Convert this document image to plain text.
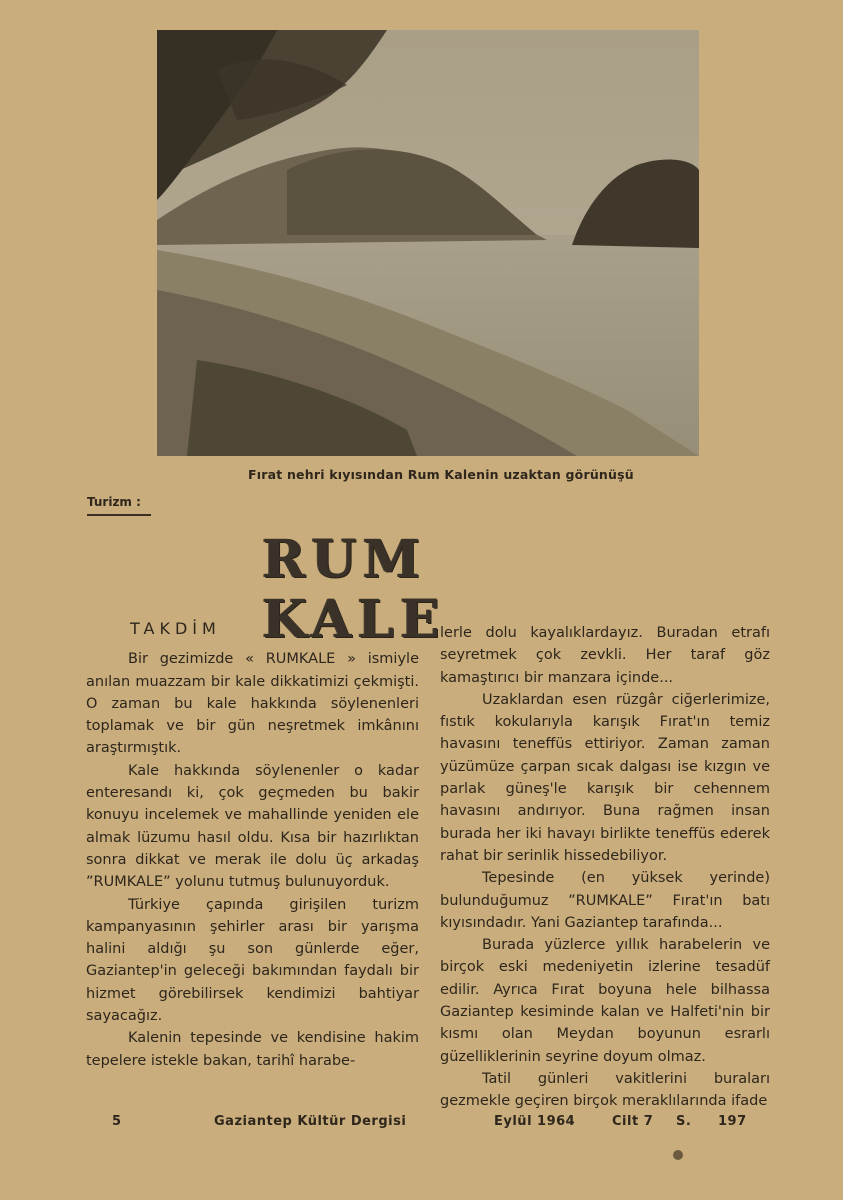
Fırat nehri kıyısından Rum Kalenin uzaktan görünüşü
Turizm :
RUM KALE
TAKDİM

Bir gezimizde « RUMKALE » ismiyle anılan muazzam bir kale dikkatimizi çekmişti. O zaman bu kale hakkında söylenenleri toplamak ve bir gün neşretmek imkânını araştırmıştık.

Kale hakkında söylenenler o kadar enteresandı ki, çok geçmeden bu bakir konuyu incelemek ve mahallinde yeniden ele almak lüzumu hasıl oldu. Kısa bir hazırlıktan sonra dikkat ve merak ile dolu üç arkadaş ”RUMKALE” yolunu tutmuş bulunuyorduk.

Türkiye çapında girişilen turizm kampanyasının şehirler arası bir yarışma halini aldığı şu son günlerde eğer, Gaziantep'in geleceği bakımından faydalı bir hizmet görebilirsek kendimizi bahtiyar sayacağız.

Kalenin tepesinde ve kendisine hakim tepelere istekle bakan, tarihî harabe-

lerle dolu kayalıklardayız. Buradan etrafı seyretmek çok zevkli. Her taraf göz kamaştırıcı bir manzara içinde...

Uzaklardan esen rüzgâr ciğerlerimize, fıstık kokularıyla karışık Fırat'ın temiz havasını teneffüs ettiriyor. Zaman zaman yüzümüze çarpan sıcak dalgası ise kızgın ve parlak güneş'le karışık bir cehennem havasını andırıyor. Buna rağmen insan burada her iki havayı birlikte teneffüs ederek rahat bir serinlik hissedebiliyor.

Tepesinde (en yüksek yerinde) bulunduğumuz ”RUMKALE” Fırat'ın batı kıyısındadır. Yani Gaziantep tarafında...

Burada yüzlerce yıllık harabelerin ve birçok eski medeniyetin izlerine tesadüf edilir. Ayrıca Fırat boyuna hele bilhassa Gaziantep kesiminde kalan ve Halfeti'nin bir kısmı olan Meydan boyunun esrarlı güzelliklerinin seyrine doyum olmaz.

Tatil günleri vakitlerini buraları gezmekle geçiren birçok meraklılarında ifade

5	Gaziantep Kültür Dergisi	Eylül 1964	Cilt 7 S. 197
